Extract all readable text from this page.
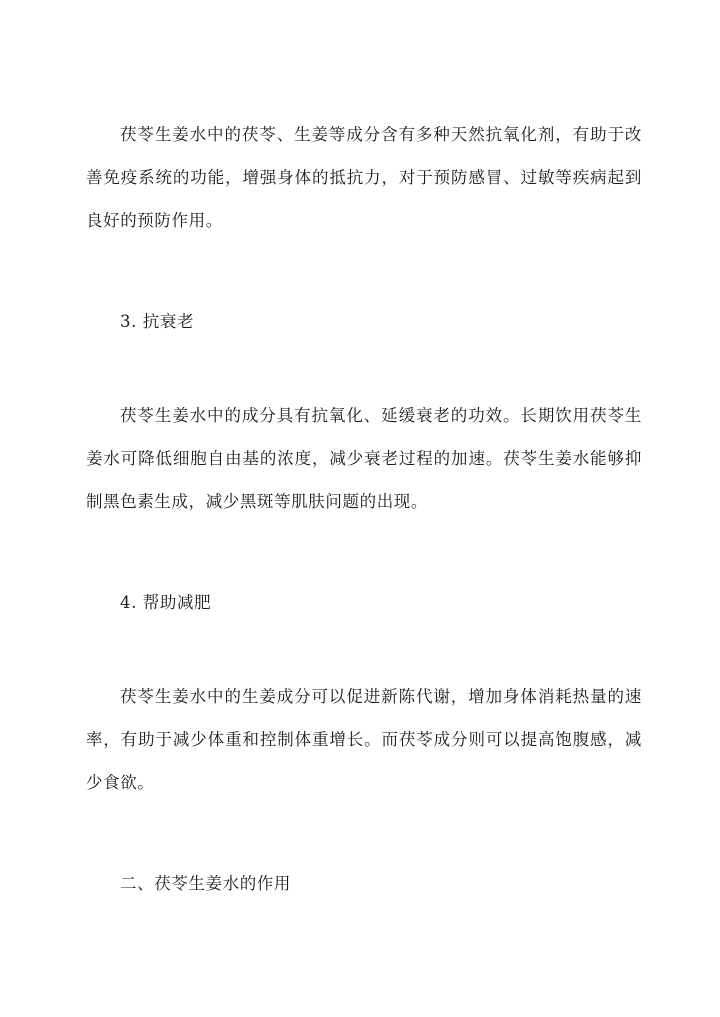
茯苓生姜水中的茯苓、生姜等成分含有多种天然抗氧化剂，有助于改善免疫系统的功能，增强身体的抵抗力，对于预防感冒、过敏等疾病起到良好的预防作用。

3. 抗衰老

茯苓生姜水中的成分具有抗氧化、延缓衰老的功效。长期饮用茯苓生姜水可降低细胞自由基的浓度，减少衰老过程的加速。茯苓生姜水能够抑制黑色素生成，减少黑斑等肌肤问题的出现。

4. 帮助减肥

茯苓生姜水中的生姜成分可以促进新陈代谢，增加身体消耗热量的速率，有助于减少体重和控制体重增长。而茯苓成分则可以提高饱腹感，减少食欲。

二、茯苓生姜水的作用
